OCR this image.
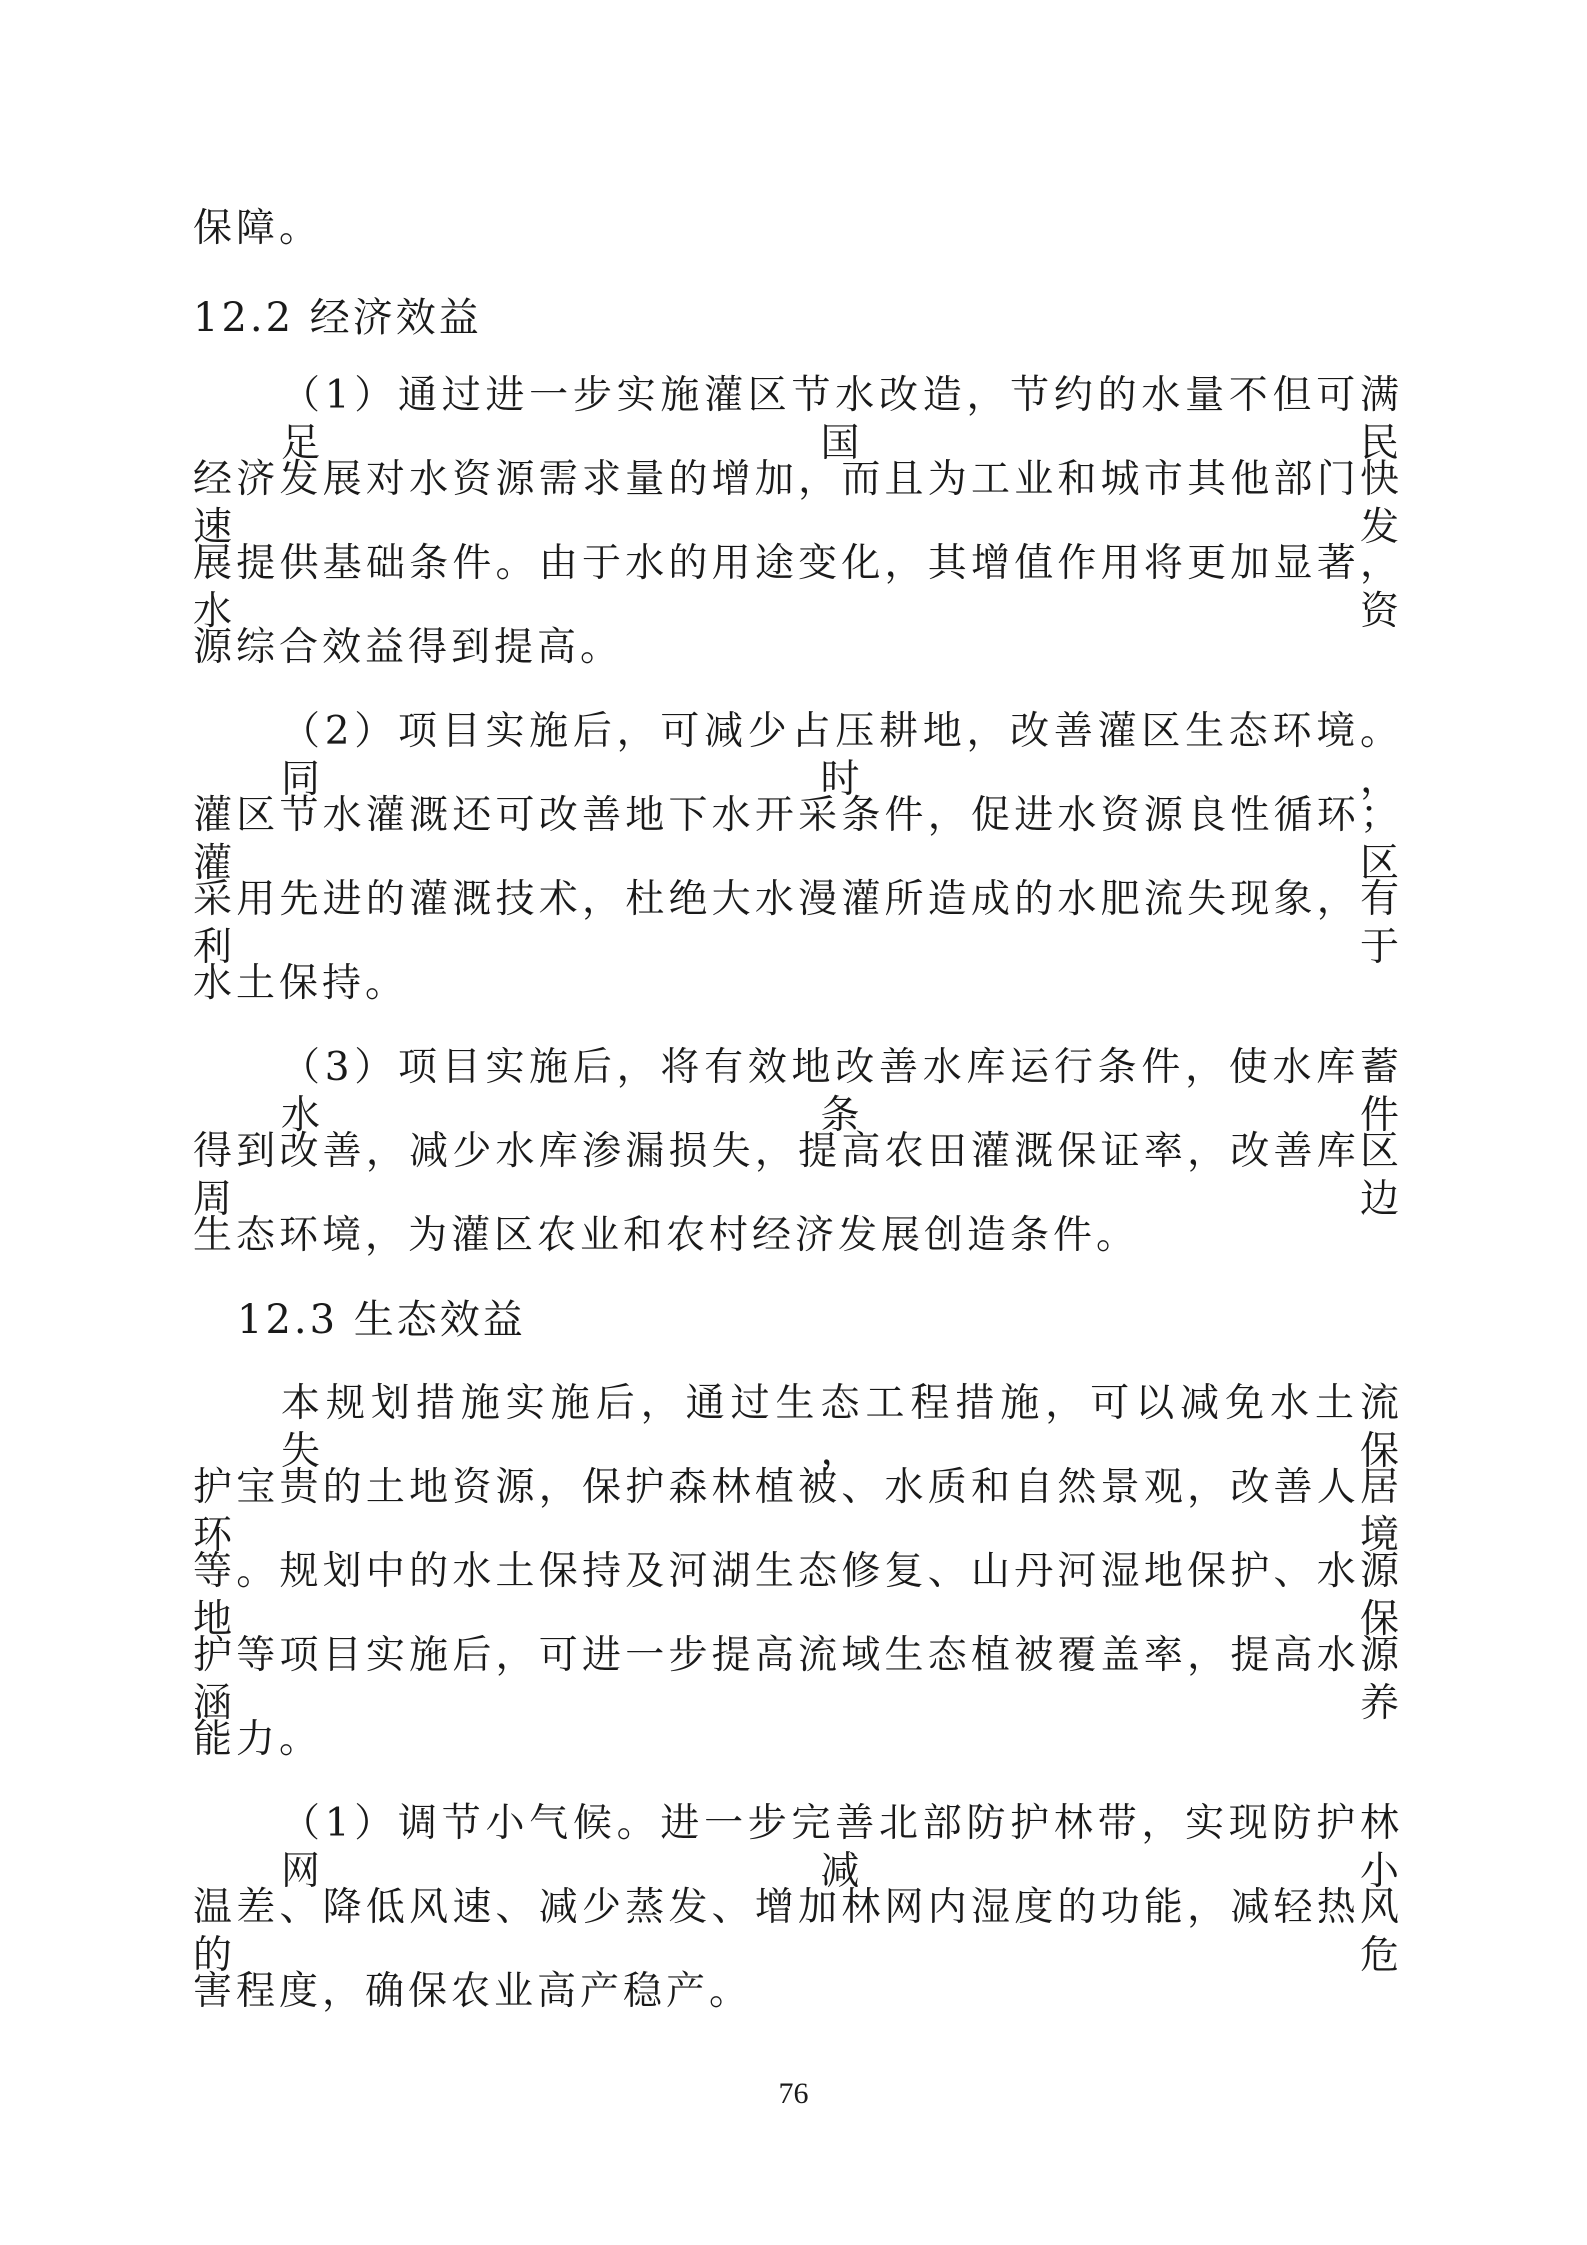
保障。
12.2 经济效益
（1）通过进一步实施灌区节水改造，节约的水量不但可满足国民
经济发展对水资源需求量的增加，而且为工业和城市其他部门快速发
展提供基础条件。由于水的用途变化，其增值作用将更加显著，水资
源综合效益得到提高。
（2）项目实施后，可减少占压耕地，改善灌区生态环境。同时，
灌区节水灌溉还可改善地下水开采条件，促进水资源良性循环；灌区
采用先进的灌溉技术，杜绝大水漫灌所造成的水肥流失现象，有利于
水土保持。
（3）项目实施后，将有效地改善水库运行条件，使水库蓄水条件
得到改善，减少水库渗漏损失，提高农田灌溉保证率，改善库区周边
生态环境，为灌区农业和农村经济发展创造条件。
12.3 生态效益
本规划措施实施后，通过生态工程措施，可以减免水土流失，保
护宝贵的土地资源，保护森林植被、水质和自然景观，改善人居环境
等。规划中的水土保持及河湖生态修复、山丹河湿地保护、水源地保
护等项目实施后，可进一步提高流域生态植被覆盖率，提高水源涵养
能力。
（1）调节小气候。进一步完善北部防护林带，实现防护林网减小
温差、降低风速、减少蒸发、增加林网内湿度的功能，减轻热风的危
害程度，确保农业高产稳产。
76
